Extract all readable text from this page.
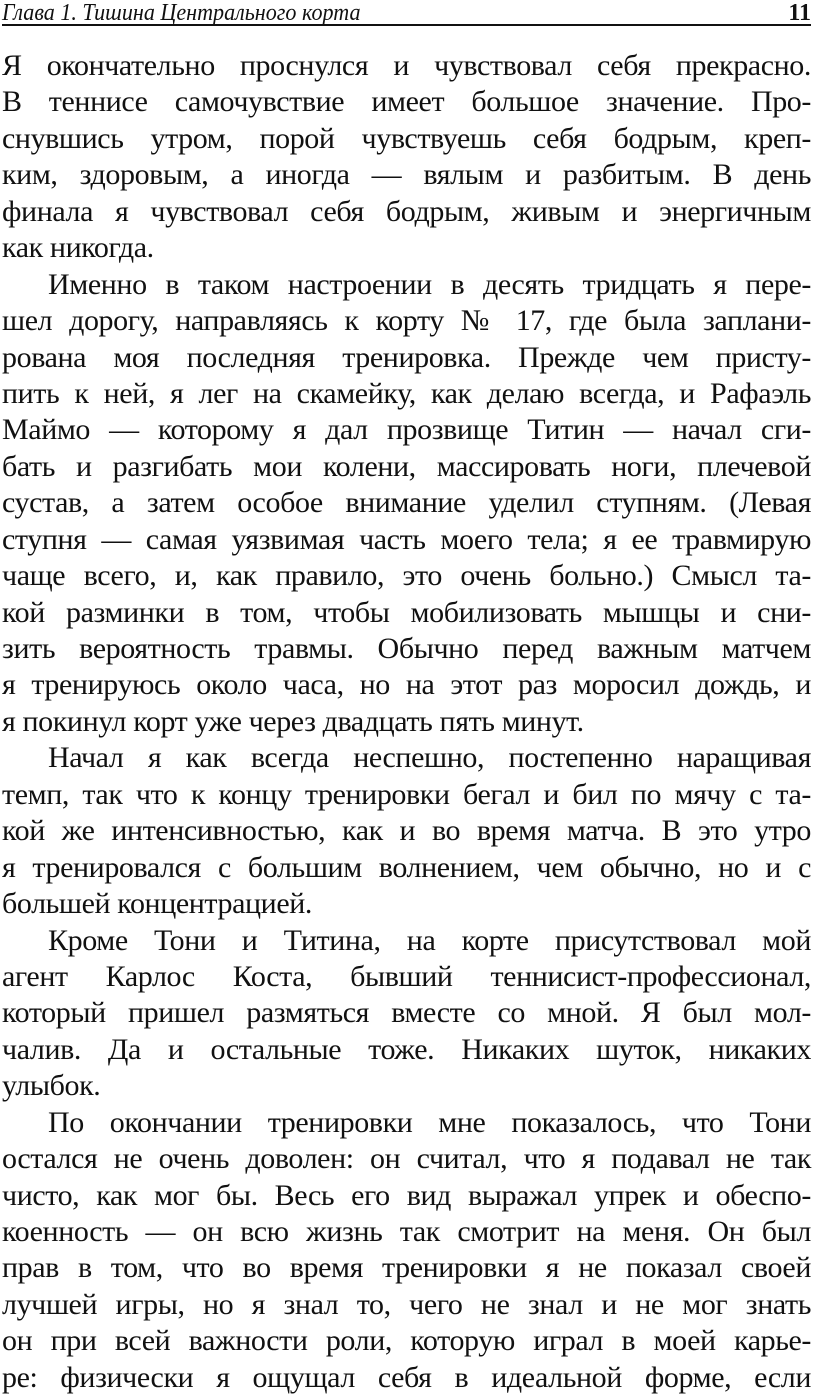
Глава 1. Тишина Центрального корта	11
Я окончательно проснулся и чувствовал себя прекрасно.
В теннисе самочувствие имеет большое значение. Про-
снувшись утром, порой чувствуешь себя бодрым, креп-
ким, здоровым, а иногда — вялым и разбитым. В день
финала я чувствовал себя бодрым, живым и энергичным
как никогда.
Именно в таком настроении в десять тридцать я пере-
шел дорогу, направляясь к корту № 17, где была заплани-
рована моя последняя тренировка. Прежде чем присту-
пить к ней, я лег на скамейку, как делаю всегда, и Рафаэль
Маймо — которому я дал прозвище Титин — начал сги-
бать и разгибать мои колени, массировать ноги, плечевой
сустав, а затем особое внимание уделил ступням. (Левая
ступня — самая уязвимая часть моего тела; я ее травмирую
чаще всего, и, как правило, это очень больно.) Смысл та-
кой разминки в том, чтобы мобилизовать мышцы и сни-
зить вероятность травмы. Обычно перед важным матчем
я тренируюсь около часа, но на этот раз моросил дождь, и
я покинул корт уже через двадцать пять минут.
Начал я как всегда неспешно, постепенно наращивая
темп, так что к концу тренировки бегал и бил по мячу с та-
кой же интенсивностью, как и во время матча. В это утро
я тренировался с большим волнением, чем обычно, но и с
большей концентрацией.
Кроме Тони и Титина, на корте присутствовал мой
агент Карлос Коста, бывший теннисист-профессионал,
который пришел размяться вместе со мной. Я был мол-
чалив. Да и остальные тоже. Никаких шуток, никаких
улыбок.
По окончании тренировки мне показалось, что Тони
остался не очень доволен: он считал, что я подавал не так
чисто, как мог бы. Весь его вид выражал упрек и обеспо-
коенность — он всю жизнь так смотрит на меня. Он был
прав в том, что во время тренировки я не показал своей
лучшей игры, но я знал то, чего не знал и не мог знать
он при всей важности роли, которую играл в моей карье-
ре: физически я ощущал себя в идеальной форме, если
